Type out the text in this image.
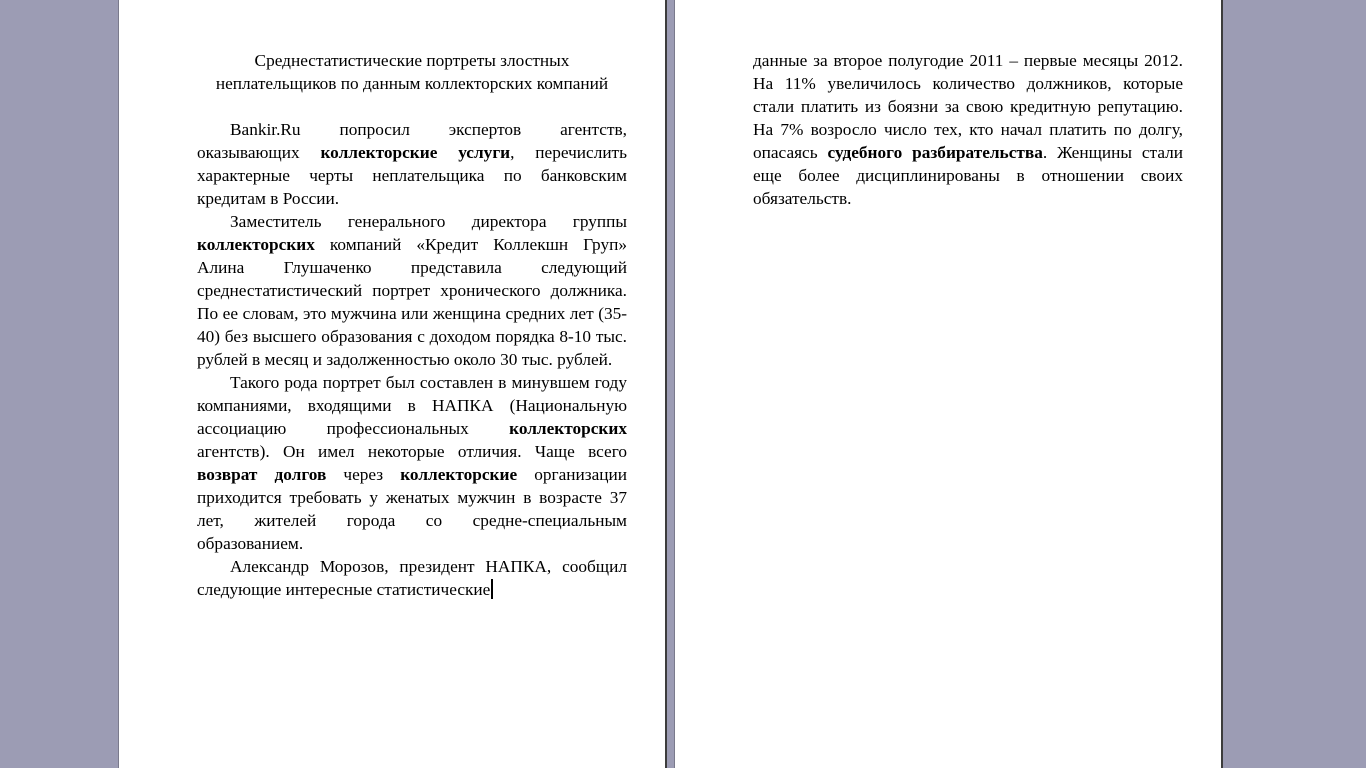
Среднестатистические портреты злостных неплательщиков по данным коллекторских компаний

Bankir.Ru попросил экспертов агентств, оказывающих коллекторские услуги, перечислить характерные черты неплательщика по банковским кредитам в России.

Заместитель генерального директора группы коллекторских компаний «Кредит Коллекшн Груп» Алина Глушаченко представила следующий среднестатистический портрет хронического должника. По ее словам, это мужчина или женщина средних лет (35-40) без высшего образования с доходом порядка 8-10 тыс. рублей в месяц и задолженностью около 30 тыс. рублей.

Такого рода портрет был составлен в минувшем году компаниями, входящими в НАПКА (Национальную ассоциацию профессиональных коллекторских агентств). Он имел некоторые отличия. Чаще всего возврат долгов через коллекторские организации приходится требовать у женатых мужчин в возрасте 37 лет, жителей города со средне-специальным образованием.

Александр Морозов, президент НАПКА, сообщил следующие интересные статистические

данные за второе полугодие 2011 – первые месяцы 2012. На 11% увеличилось количество должников, которые стали платить из боязни за свою кредитную репутацию. На 7% возросло число тех, кто начал платить по долгу, опасаясь судебного разбирательства. Женщины стали еще более дисциплинированы в отношении своих обязательств.
